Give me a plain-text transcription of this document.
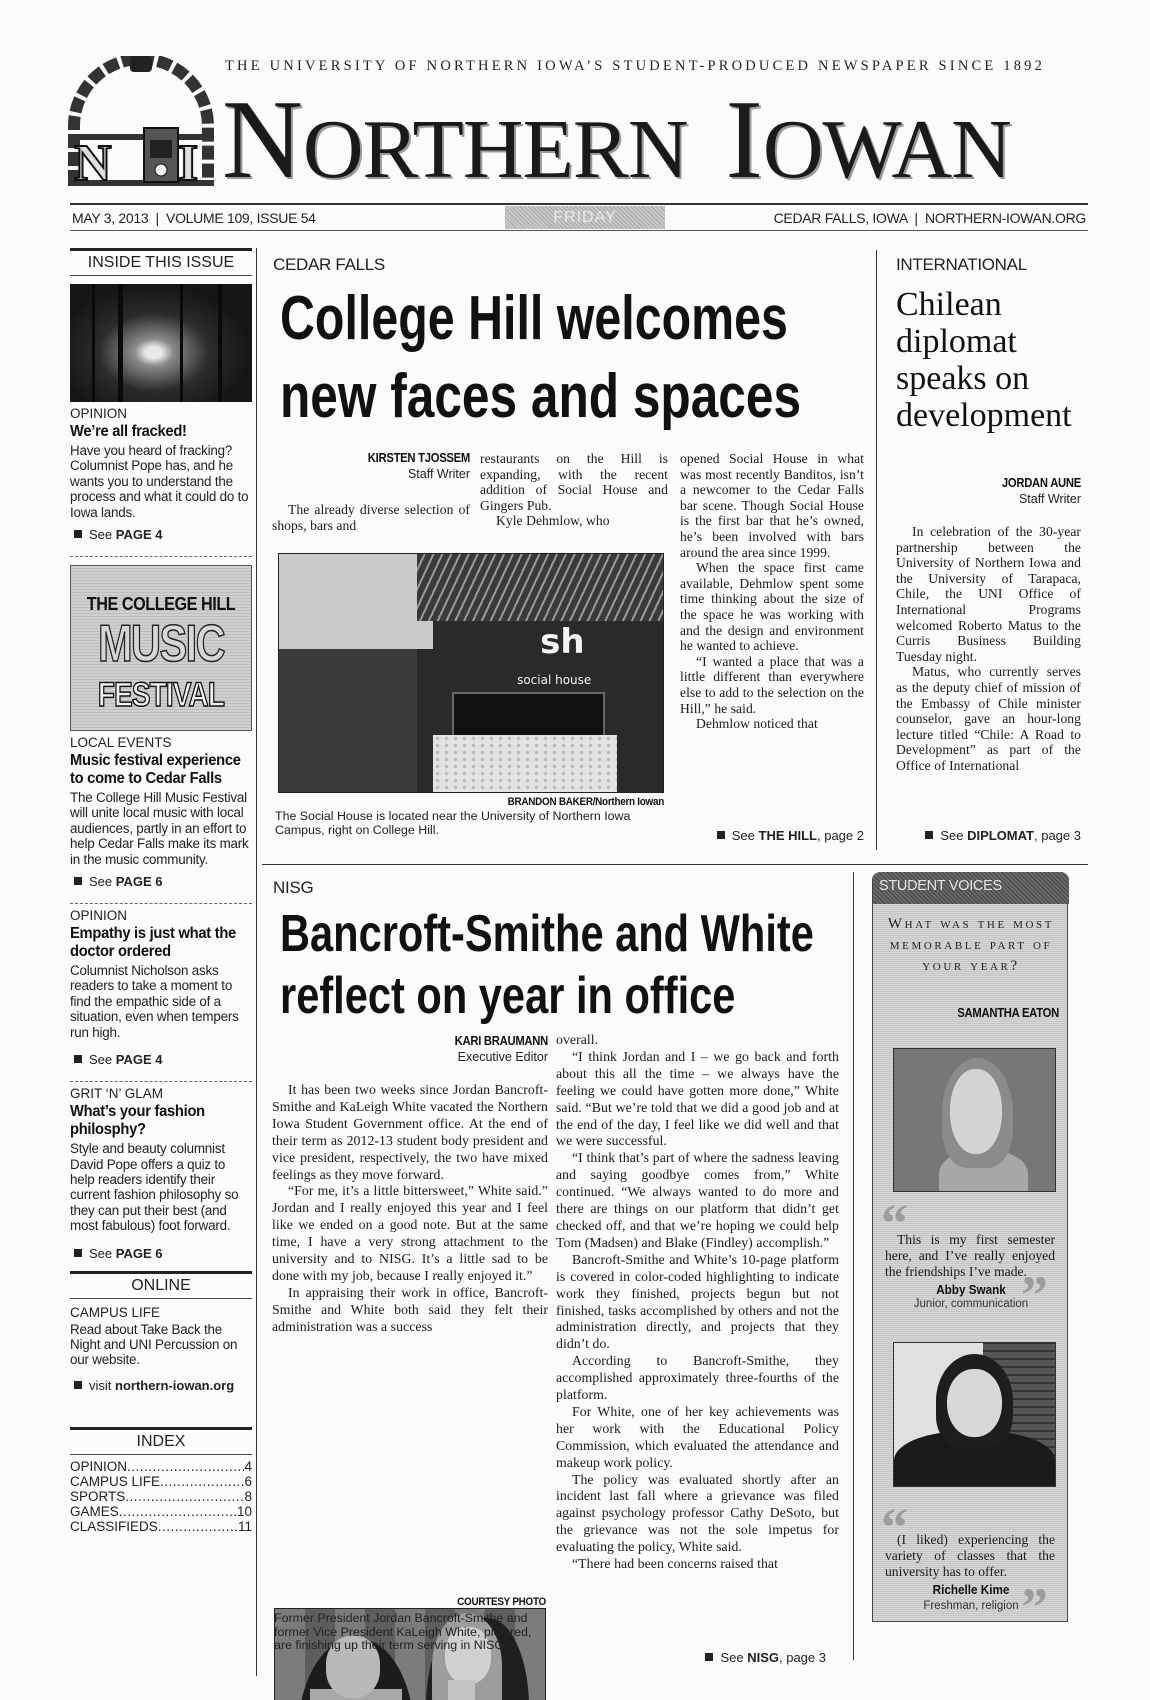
THE UNIVERSITY OF NORTHERN IOWA’S STUDENT-PRODUCED NEWSPAPER SINCE 1892
N I NORTHERN IOWAN
MAY 3, 2013  |  VOLUME 109, ISSUE 54	FRIDAY	CEDAR FALLS, IOWA  |  NORTHERN-IOWAN.ORG
INSIDE THIS ISSUE
OPINION
We’re all fracked!
Have you heard of fracking? Columnist Pope has, and he wants you to understand the process and what it could do to Iowa lands.
See PAGE 4
THE COLLEGE HILL
MUSIC
FESTIVAL
LOCAL EVENTS
Music festival experience to come to Cedar Falls
The College Hill Music Festival will unite local music with local audiences, partly in an effort to help Cedar Falls make its mark in the music community.
See PAGE 6
OPINION
Empathy is just what the doctor ordered
Columnist Nicholson asks readers to take a moment to find the empathic side of a situation, even when tempers run high.
See PAGE 4
GRIT ‘N’ GLAM
What’s your fashion philosphy?
Style and beauty columnist David Pope offers a quiz to help readers identify their current fashion philosophy so they can put their best (and most fabulous) foot forward.
See PAGE 6
ONLINE
CAMPUS LIFE
Read about Take Back the Night and UNI Percussion on our website.
visit northern-iowan.org
INDEX
OPINION .....	4
CAMPUS LIFE .....	6
SPORTS .....	8
GAMES .....	10
CLASSIFIEDS .....	11
CEDAR FALLS
College Hill welcomes
new faces and spaces
KIRSTEN TJOSSEM
Staff Writer

The already diverse selection of shops, bars and

restaurants on the Hill is expanding, with the recent addition of Social House and Gingers Pub.

Kyle Dehmlow, who

sh
social house
BRANDON BAKER/Northern Iowan
The Social House is located near the University of Northern Iowa Campus, right on College Hill.

opened Social House in what was most recently Banditos, isn’t a newcomer to the Cedar Falls bar scene. Though Social House is the first bar that he’s owned, he’s been involved with bars around the area since 1999.

When the space first came available, Dehmlow spent some time thinking about the size of the space he was working with and the design and environment he wanted to achieve.

“I wanted a place that was a little different than everywhere else to add to the selection on the Hill,” he said.

Dehmlow noticed that

See THE HILL, page 2
INTERNATIONAL
Chilean diplomat speaks on development
JORDAN AUNE
Staff Writer

In celebration of the 30-year partnership between the University of Northern Iowa and the University of Tarapaca, Chile, the UNI Office of International Programs welcomed Roberto Matus to the Curris Business Building Tuesday night.

Matus, who currently serves as the deputy chief of mission of the Embassy of Chile minister counselor, gave an hour-long lecture titled “Chile: A Road to Development” as part of the Office of International

See DIPLOMAT, page 3
NISG
Bancroft-Smithe and White
reflect on year in office
KARI BRAUMANN
Executive Editor

It has been two weeks since Jordan Bancroft-Smithe and KaLeigh White vacated the Northern Iowa Student Government office. At the end of their term as 2012-13 student body president and vice president, respectively, the two have mixed feelings as they move forward.

“For me, it’s a little bittersweet,” White said.” Jordan and I really enjoyed this year and I feel like we ended on a good note. But at the same time, I have a very strong attachment to the university and to NISG. It’s a little sad to be done with my job, because I really enjoyed it.”

In appraising their work in office, Bancroft-Smithe and White both said they felt their administration was a success

COURTESY PHOTO
Former President Jordan Bancroft-Smithe and former Vice President KaLeigh White, pictured, are finishing up their term serving in NISG.

overall.

“I think Jordan and I – we go back and forth about this all the time – we always have the feeling we could have gotten more done,” White said. “But we’re told that we did a good job and at the end of the day, I feel like we did well and that we were successful.

“I think that’s part of where the sadness leaving and saying goodbye comes from,” White continued. “We always wanted to do more and there are things on our platform that didn’t get checked off, and that we’re hoping we could help Tom (Madsen) and Blake (Findley) accomplish.”

Bancroft-Smithe and White’s 10-page platform is covered in color-coded highlighting to indicate work they finished, projects begun but not finished, tasks accomplished by others and not the administration directly, and projects that they didn’t do.

According to Bancroft-Smithe, they accomplished approximately three-fourths of the platform.

For White, one of her key achievements was her work with the Educational Policy Commission, which evaluated the attendance and makeup work policy.

The policy was evaluated shortly after an incident last fall where a grievance was filed against psychology professor Cathy DeSoto, but the grievance was not the sole impetus for evaluating the policy, White said.

“There had been concerns raised that

See NISG, page 3
STUDENT VOICES
What was the most memorable part of your year?
SAMANTHA EATON
“
This is my first semester here, and I’ve really enjoyed the friendships I’ve made.
”
Abby Swank
Junior, communication
“
(I liked) experiencing the variety of classes that the university has to offer.
”
Richelle Kime
Freshman, religion
